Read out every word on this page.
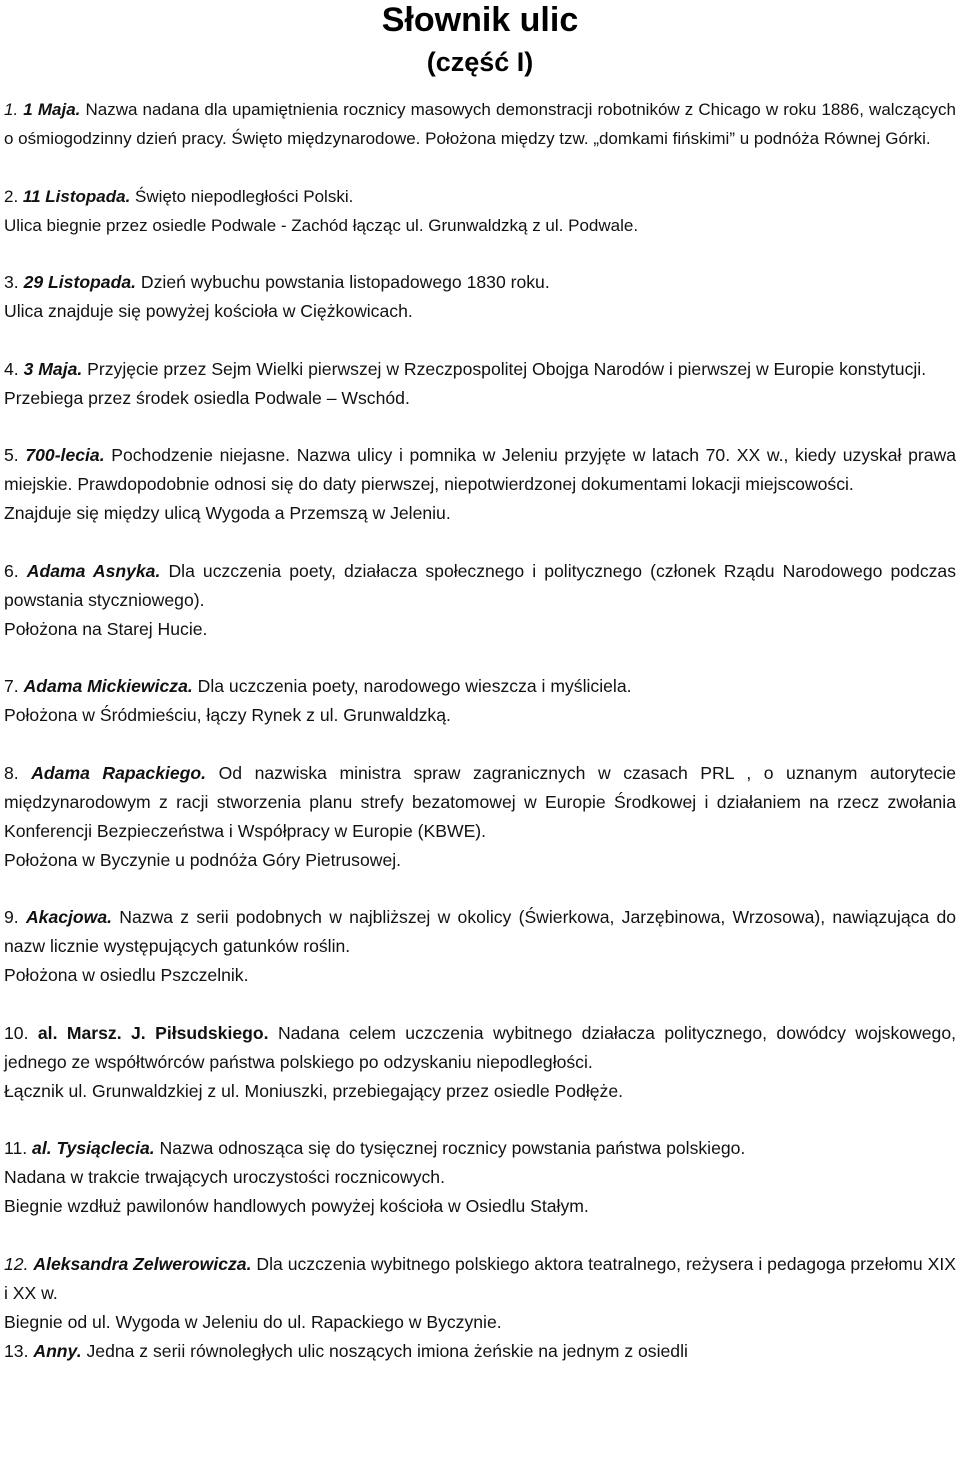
Słownik ulic
(część I)

1. 1 Maja. Nazwa nadana dla upamiętnienia rocznicy masowych demonstracji robotników z Chicago w roku 1886, walczących o ośmiogodzinny dzień pracy. Święto międzynarodowe. Położona między tzw. „domkami fińskimi” u podnóża Równej Górki.

2. 11 Listopada. Święto niepodległości Polski.

Ulica biegnie przez osiedle Podwale - Zachód łącząc ul. Grunwaldzką z ul. Podwale.

3. 29 Listopada. Dzień wybuchu powstania listopadowego 1830 roku.

Ulica znajduje się powyżej kościoła w Ciężkowicach.

4. 3 Maja. Przyjęcie przez Sejm Wielki pierwszej w Rzeczpospolitej Obojga Narodów i pierwszej w Europie konstytucji.

Przebiega przez środek osiedla Podwale – Wschód.

5. 700-lecia. Pochodzenie niejasne. Nazwa ulicy i pomnika w Jeleniu przyjęte w latach 70. XX w., kiedy uzyskał prawa miejskie. Prawdopodobnie odnosi się do daty pierwszej, niepotwierdzonej dokumentami lokacji miejscowości.

Znajduje się między ulicą Wygoda a Przemszą w Jeleniu.

6. Adama Asnyka. Dla uczczenia poety, działacza społecznego i politycznego (członek Rządu Narodowego podczas powstania styczniowego).

Położona na Starej Hucie.

7. Adama Mickiewicza. Dla uczczenia poety, narodowego wieszcza i myśliciela.

Położona w Śródmieściu, łączy Rynek z ul. Grunwaldzką.

8. Adama Rapackiego. Od nazwiska ministra spraw zagranicznych w czasach PRL , o uznanym autorytecie międzynarodowym z racji stworzenia planu strefy bezatomowej w Europie Środkowej i działaniem na rzecz zwołania Konferencji Bezpieczeństwa i Współpracy w Europie (KBWE).

Położona w Byczynie u podnóża Góry Pietrusowej.

9. Akacjowa. Nazwa z serii podobnych w najbliższej w okolicy (Świerkowa, Jarzębinowa, Wrzosowa), nawiązująca do nazw licznie występujących gatunków roślin.

Położona w osiedlu Pszczelnik.

10. al. Marsz. J. Piłsudskiego. Nadana celem uczczenia wybitnego działacza politycznego, dowódcy wojskowego, jednego ze współtwórców państwa polskiego po odzyskaniu niepodległości.

Łącznik ul. Grunwaldzkiej z ul. Moniuszki, przebiegający przez osiedle Podłęże.

11. al. Tysiąclecia. Nazwa odnosząca się do tysięcznej rocznicy powstania państwa polskiego.

Nadana w trakcie trwających uroczystości rocznicowych.

Biegnie wzdłuż pawilonów handlowych powyżej kościoła w Osiedlu Stałym.

12. Aleksandra Zelwerowicza. Dla uczczenia wybitnego polskiego aktora teatralnego, reżysera i pedagoga przełomu XIX i XX w.

Biegnie od ul. Wygoda w Jeleniu do ul. Rapackiego w Byczynie.

13. Anny. Jedna z serii równoległych ulic noszących imiona żeńskie na jednym z osiedli
